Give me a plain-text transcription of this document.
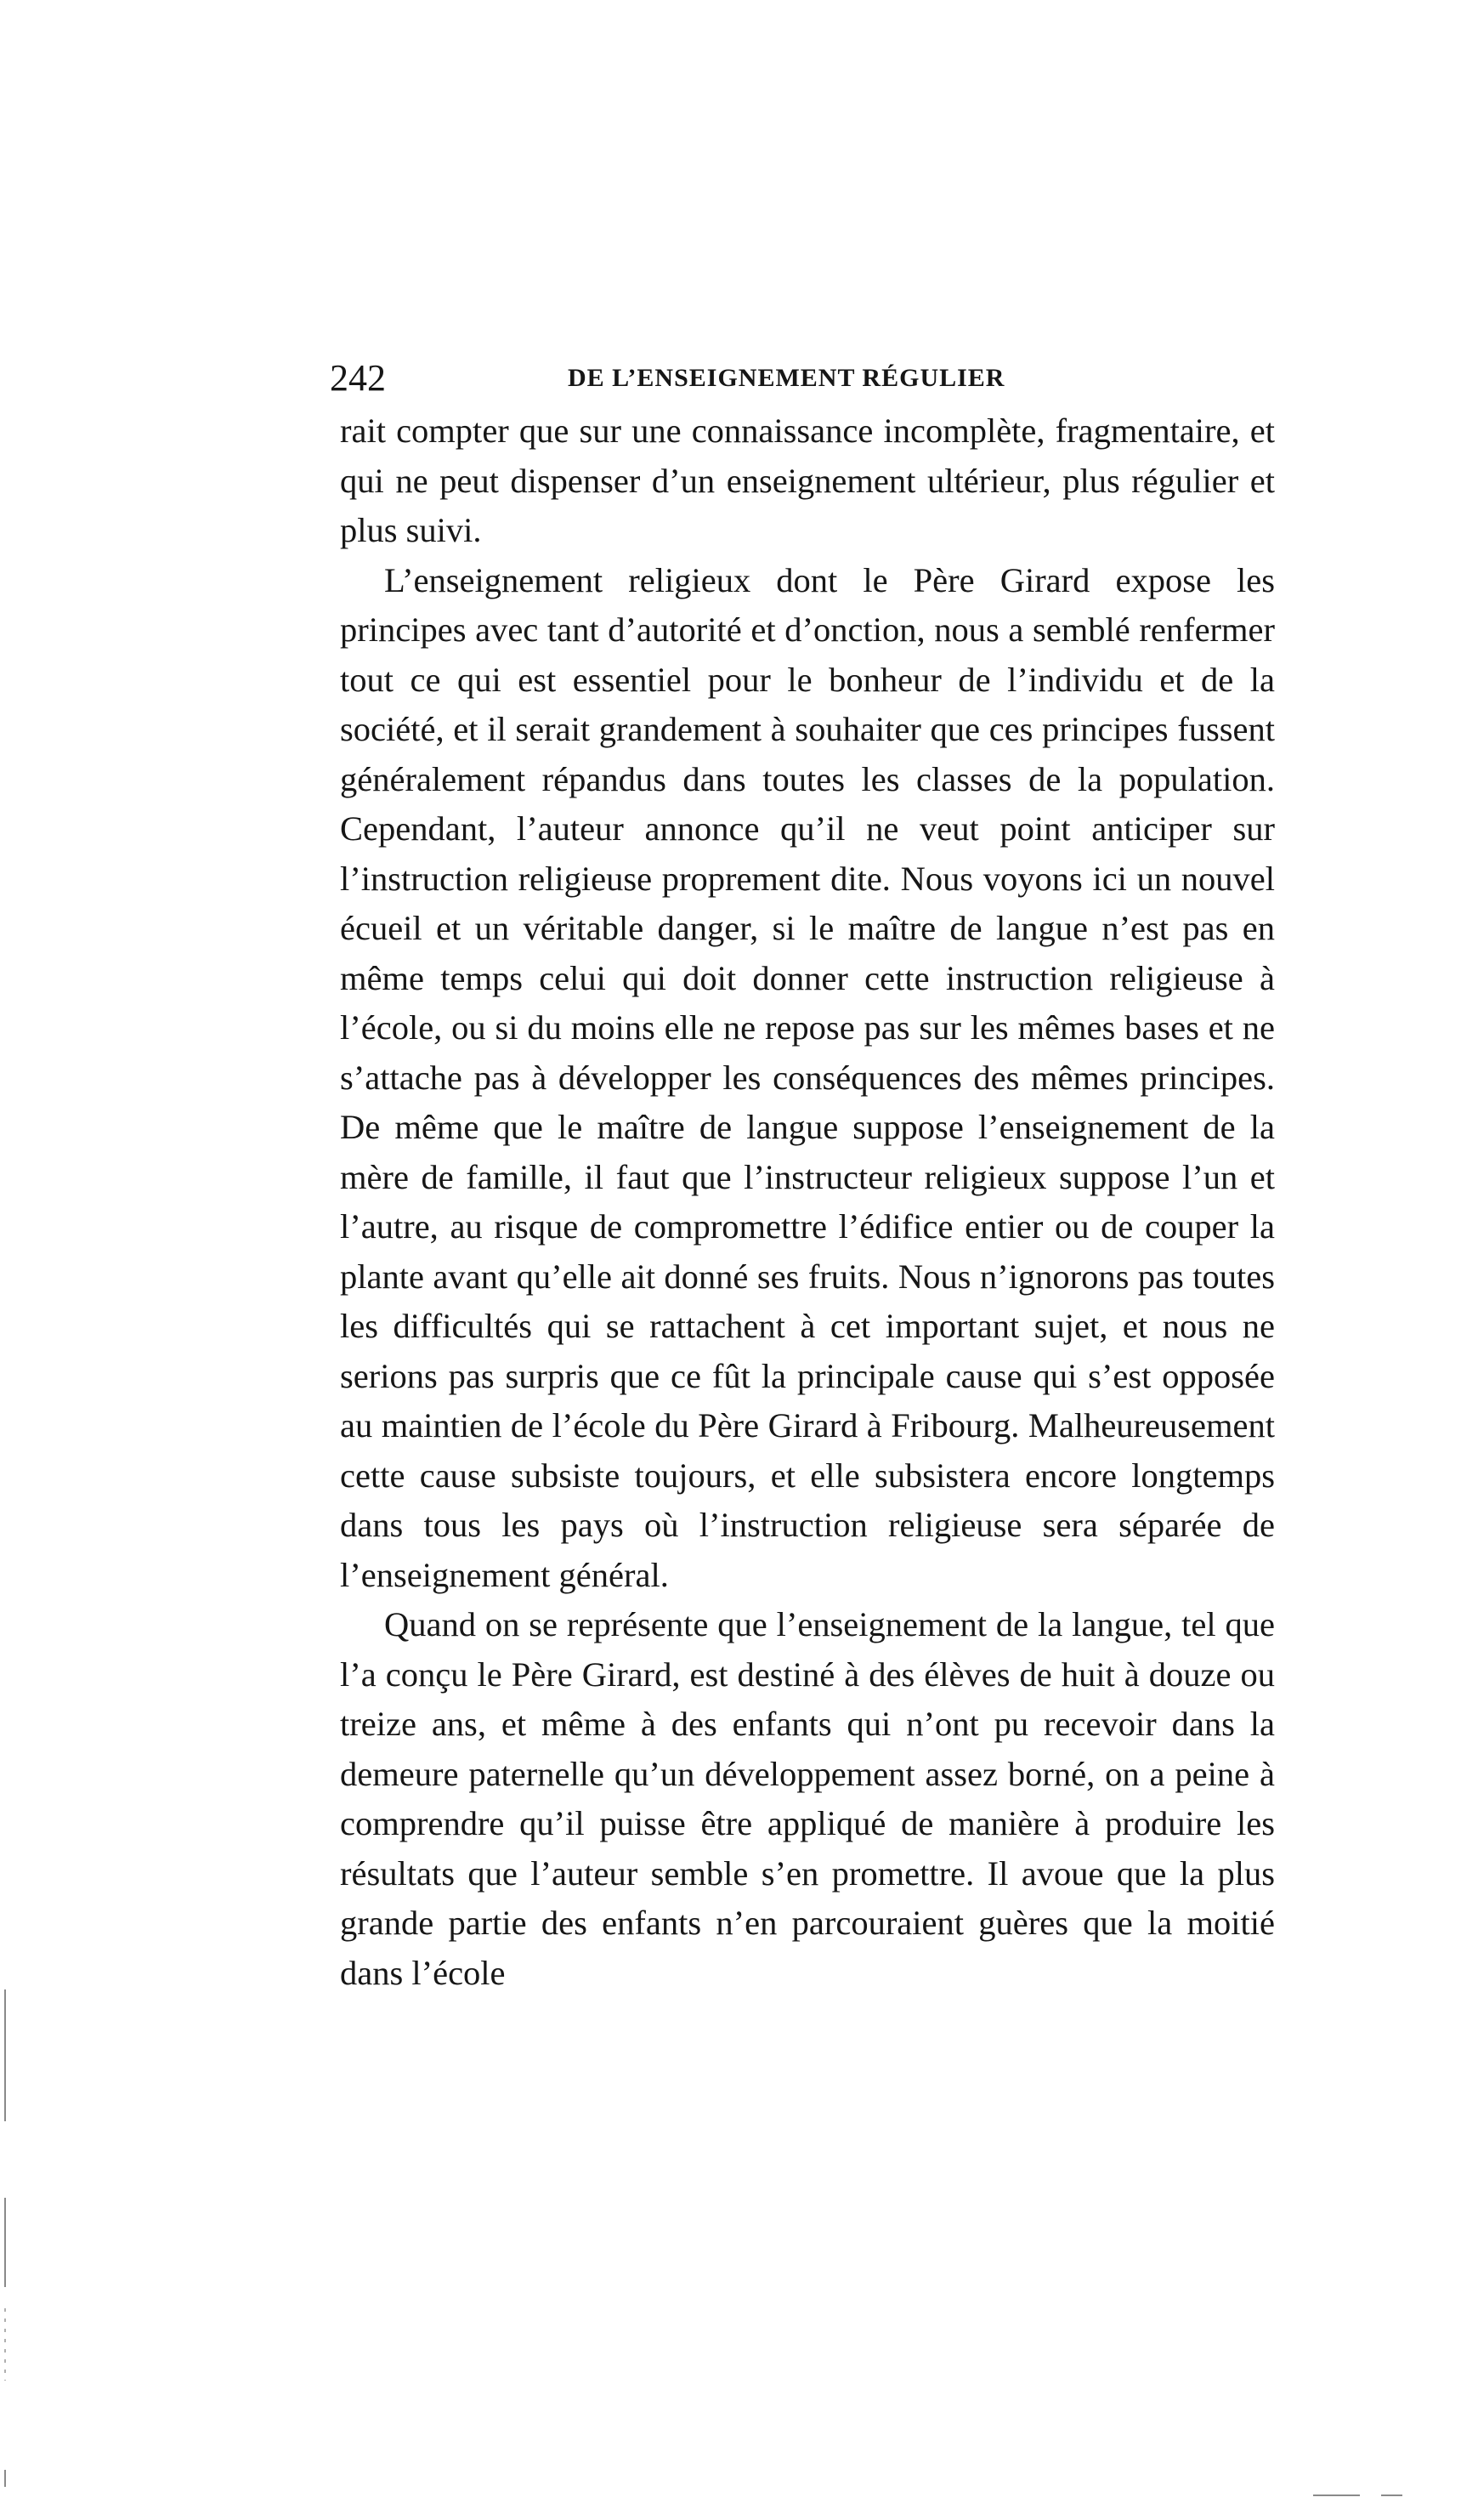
242	DE L’ENSEIGNEMENT RÉGULIER

rait compter que sur une connaissance incomplète, fragmentaire, et qui ne peut dispenser d’un enseignement ultérieur, plus régulier et plus suivi.

L’enseignement religieux dont le Père Girard expose les principes avec tant d’autorité et d’onction, nous a semblé renfermer tout ce qui est essentiel pour le bonheur de l’individu et de la société, et il serait grandement à souhaiter que ces principes fussent généralement répandus dans toutes les classes de la population. Cependant, l’auteur annonce qu’il ne veut point anticiper sur l’instruction religieuse proprement dite. Nous voyons ici un nouvel écueil et un véritable danger, si le maître de langue n’est pas en même temps celui qui doit donner cette instruction religieuse à l’école, ou si du moins elle ne repose pas sur les mêmes bases et ne s’attache pas à développer les conséquences des mêmes principes. De même que le maître de langue suppose l’enseignement de la mère de famille, il faut que l’instructeur religieux suppose l’un et l’autre, au risque de compromettre l’édifice entier ou de couper la plante avant qu’elle ait donné ses fruits. Nous n’ignorons pas toutes les difficultés qui se rattachent à cet important sujet, et nous ne serions pas surpris que ce fût la principale cause qui s’est opposée au maintien de l’école du Père Girard à Fribourg. Malheureusement cette cause subsiste toujours, et elle subsistera encore longtemps dans tous les pays où l’instruction religieuse sera séparée de l’enseignement général.

Quand on se représente que l’enseignement de la langue, tel que l’a conçu le Père Girard, est destiné à des élèves de huit à douze ou treize ans, et même à des enfants qui n’ont pu recevoir dans la demeure paternelle qu’un développement assez borné, on a peine à comprendre qu’il puisse être appliqué de manière à produire les résultats que l’auteur semble s’en promettre. Il avoue que la plus grande partie des enfants n’en parcouraient guères que la moitié dans l’école
